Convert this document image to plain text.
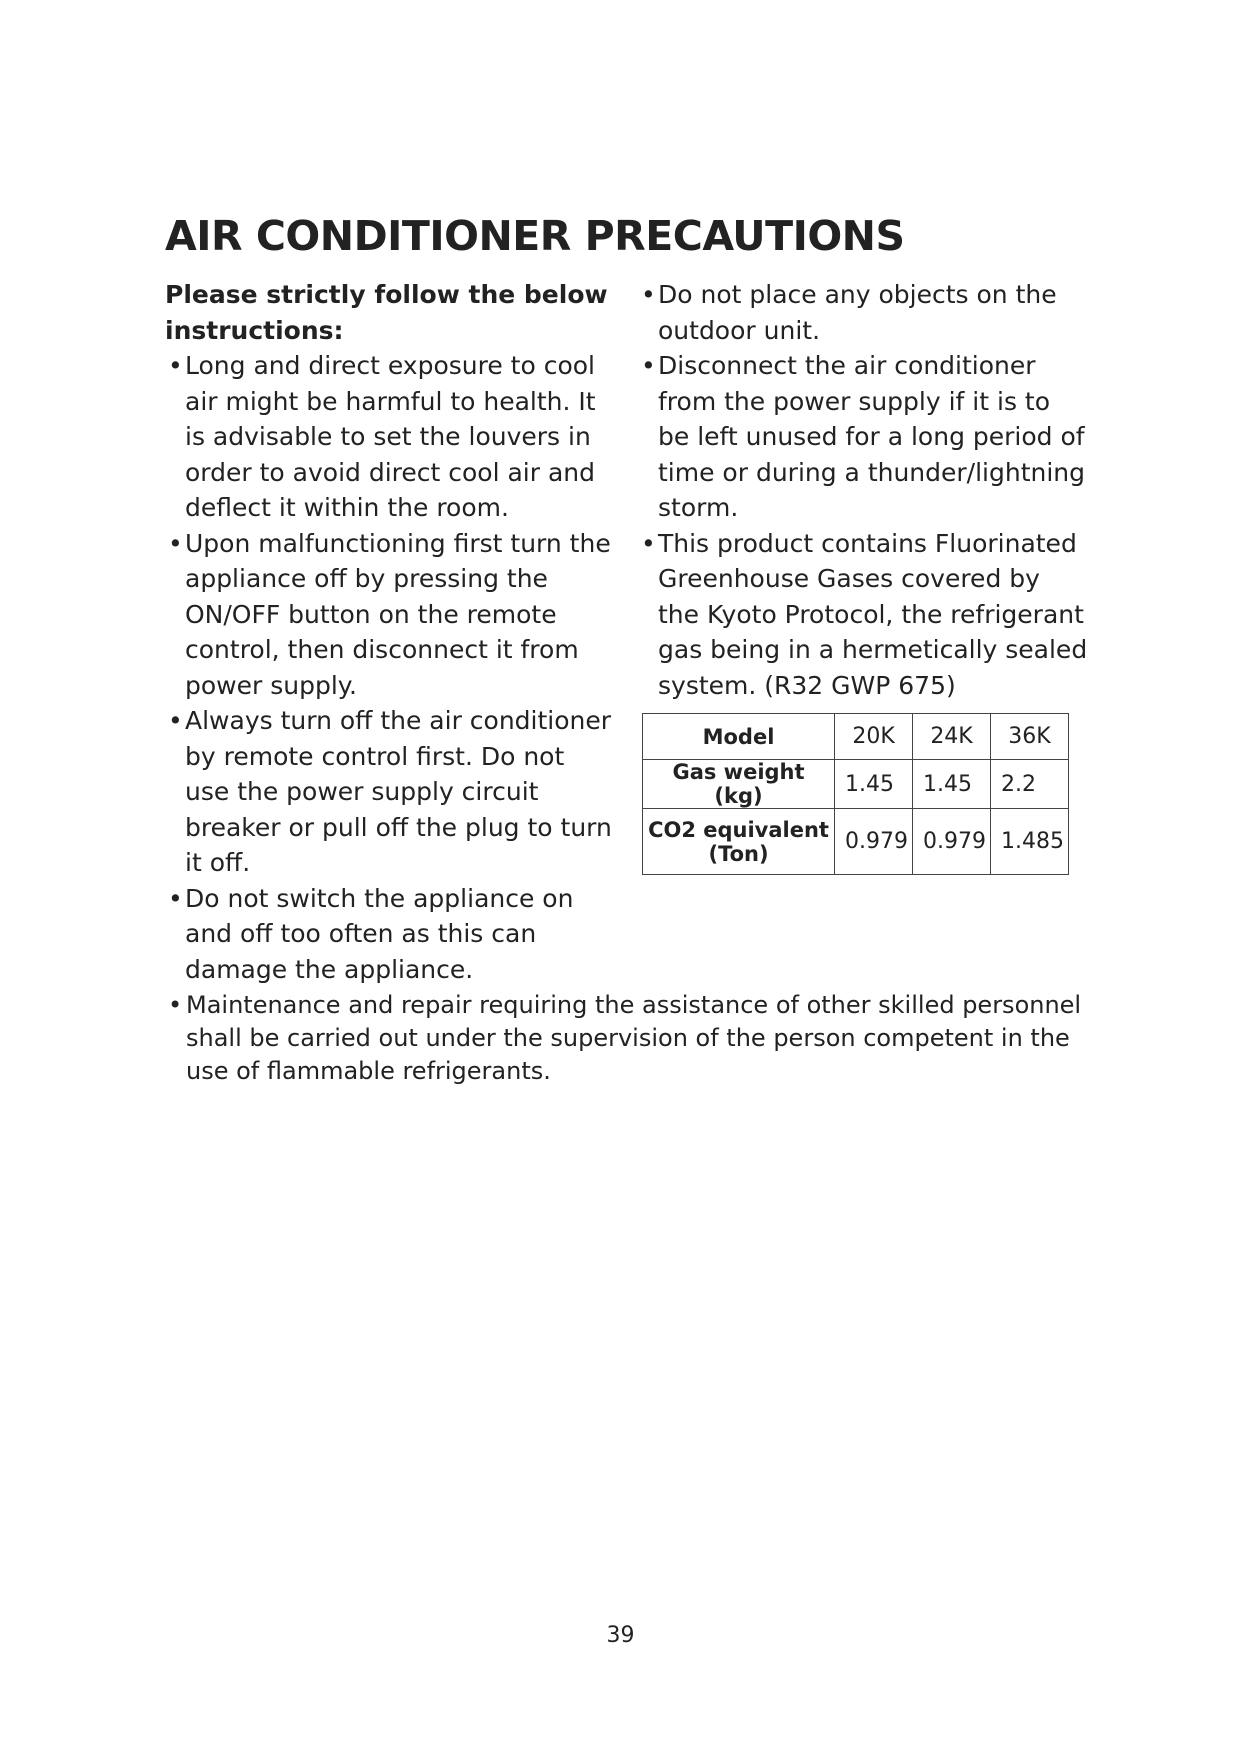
AIR CONDITIONER PRECAUTIONS

Please strictly follow the below instructions:

• Long and direct exposure to cool air might be harmful to health. It is advisable to set the louvers in order to avoid direct cool air and deflect it within the room.
• Upon malfunctioning first turn the appliance off by pressing the ON/OFF button on the remote control, then disconnect it from power supply.
• Always turn off the air conditioner by remote control first. Do not use the power supply circuit breaker or pull off the plug to turn it off.
• Do not switch the appliance on and off too often as this can damage the appliance.
• Do not place any objects on the outdoor unit.
• Disconnect the air conditioner from the power supply if it is to be left unused for a long period of time or during a thunder/lightning storm.
• This product contains Fluorinated Greenhouse Gases covered by the Kyoto Protocol, the refrigerant gas being in a hermetically sealed system. (R32 GWP 675)
Model	20K	24K	36K
Gas weight (kg)	1.45	1.45	2.2
CO2 equivalent (Ton)	0.979	0.979	1.485
• Maintenance and repair requiring the assistance of other skilled personnel shall be carried out under the supervision of the person competent in the use of flammable refrigerants.
39
